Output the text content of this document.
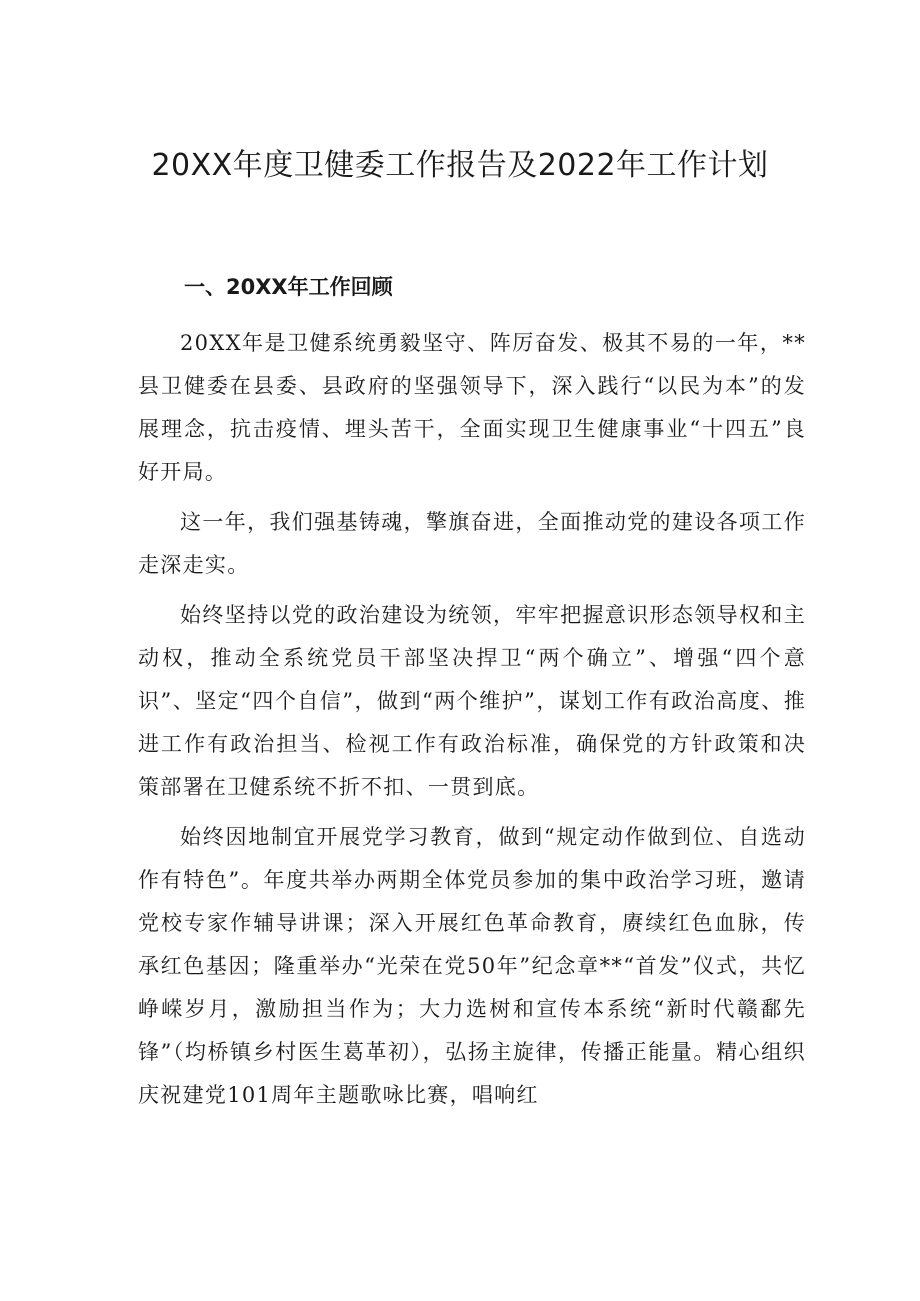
20XX年度卫健委工作报告及2022年工作计划
一、20XX年工作回顾

20XX年是卫健系统勇毅坚守、阵厉奋发、极其不易的一年，**县卫健委在县委、县政府的坚强领导下，深入践行“以民为本”的发展理念，抗击疫情、埋头苦干，全面实现卫生健康事业“十四五”良好开局。

这一年，我们强基铸魂，擎旗奋进，全面推动党的建设各项工作走深走实。

始终坚持以党的政治建设为统领，牢牢把握意识形态领导权和主动权，推动全系统党员干部坚决捍卫“两个确立”、增强“四个意识”、坚定“四个自信”，做到“两个维护”，谋划工作有政治高度、推进工作有政治担当、检视工作有政治标准，确保党的方针政策和决策部署在卫健系统不折不扣、一贯到底。

始终因地制宜开展党学习教育，做到“规定动作做到位、自选动作有特色”。年度共举办两期全体党员参加的集中政治学习班，邀请党校专家作辅导讲课；深入开展红色革命教育，赓续红色血脉，传承红色基因；隆重举办“光荣在党50年”纪念章**“首发”仪式，共忆峥嵘岁月，激励担当作为；大力选树和宣传本系统“新时代赣鄱先锋”（均桥镇乡村医生葛革初），弘扬主旋律，传播正能量。精心组织庆祝建党101周年主题歌咏比赛，唱响红
